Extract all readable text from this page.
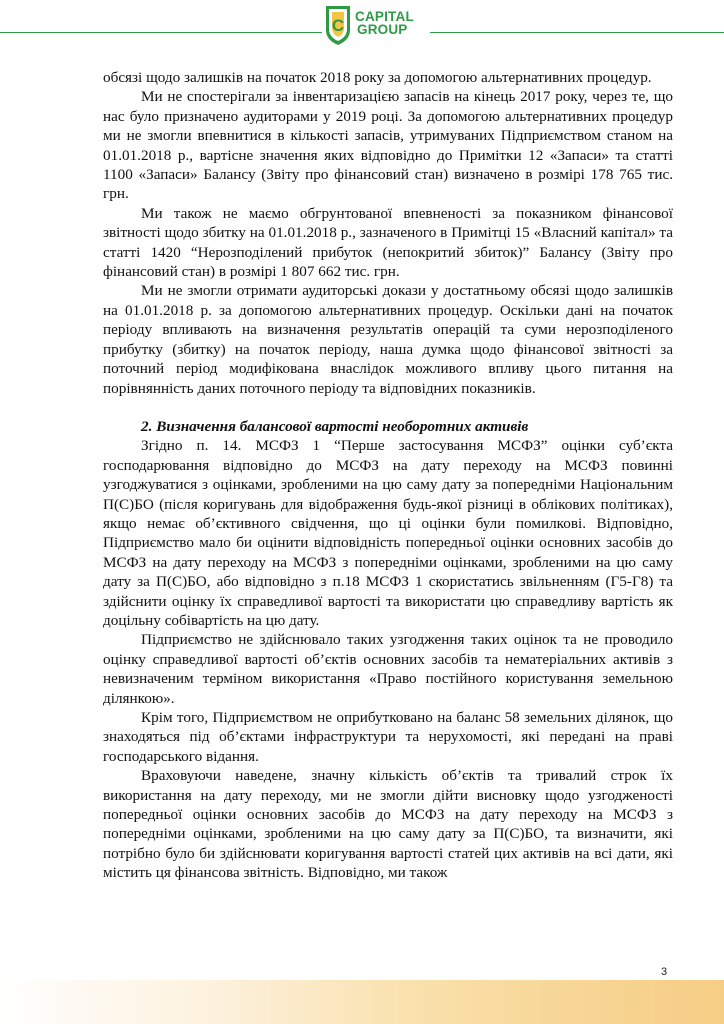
C CAPITAL
GROUP

обсязі щодо залишків на початок 2018 року за допомогою альтернативних процедур.

Ми не спостерігали за інвентаризацією запасів на кінець 2017 року, через те, що нас було призначено аудиторами у 2019 році. За допомогою альтернативних процедур ми не змогли впевнитися в кількості запасів, утримуваних Підприємством станом на 01.01.2018 р., вартісне значення яких відповідно до Примітки 12 «Запаси» та статті 1100 «Запаси» Балансу (Звіту про фінансовий стан) визначено в розмірі 178 765 тис. грн.

Ми також не маємо обгрунтованої впевненості за показником фінансової звітності щодо збитку на 01.01.2018 р., зазначеного в Примітці 15 «Власний капітал» та статті 1420 “Нерозподілений прибуток (непокритий збиток)” Балансу (Звіту про фінансовий стан) в розмірі 1 807 662 тис. грн.

Ми не змогли отримати аудиторські докази у достатньому обсязі щодо залишків на 01.01.2018 р. за допомогою альтернативних процедур. Оскільки дані на початок періоду впливають на визначення результатів операцій та суми нерозподіленого прибутку (збитку) на початок періоду, наша думка щодо фінансової звітності за поточний період модифікована внаслідок можливого впливу цього питання на порівнянність даних поточного періоду та відповідних показників.

2. Визначення балансової вартості необоротних активів

Згідно п. 14. МСФЗ 1 “Перше застосування МСФЗ” оцінки суб’єкта господарювання відповідно до МСФЗ на дату переходу на МСФЗ повинні узгоджуватися з оцінками, зробленими на цю саму дату за попередніми Національним П(С)БО (після коригувань для відображення будь-якої різниці в облікових політиках), якщо немає об’єктивного свідчення, що ці оцінки були помилкові. Відповідно, Підприємство мало би оцінити відповідність попередньої оцінки основних засобів до МСФЗ на дату переходу на МСФЗ з попередніми оцінками, зробленими на цю саму дату за П(С)БО, або відповідно з п.18 МСФЗ 1 скористатись звільненням (Г5-Г8) та здійснити оцінку їх справедливої вартості та використати цю справедливу вартість як доцільну собівартість на цю дату.

Підприємство не здійснювало таких узгодження таких оцінок та не проводило оцінку справедливої вартості об’єктів основних засобів та нематеріальних активів з невизначеним терміном використання «Право постійного користування земельною ділянкою».

Крім того, Підприємством не оприбутковано на баланс 58 земельних ділянок, що знаходяться під об’єктами інфраструктури та нерухомості, які передані на праві господарського відання.

Враховуючи наведене, значну кількість об’єктів та тривалий строк їх використання на дату переходу, ми не змогли дійти висновку щодо узгодженості попередньої оцінки основних засобів до МСФЗ на дату переходу на МСФЗ з попередніми оцінками, зробленими на цю саму дату за П(С)БО, та визначити, які потрібно було би здійснювати коригування вартості статей цих активів на всі дати, які містить ця фінансова звітність. Відповідно, ми також

3
